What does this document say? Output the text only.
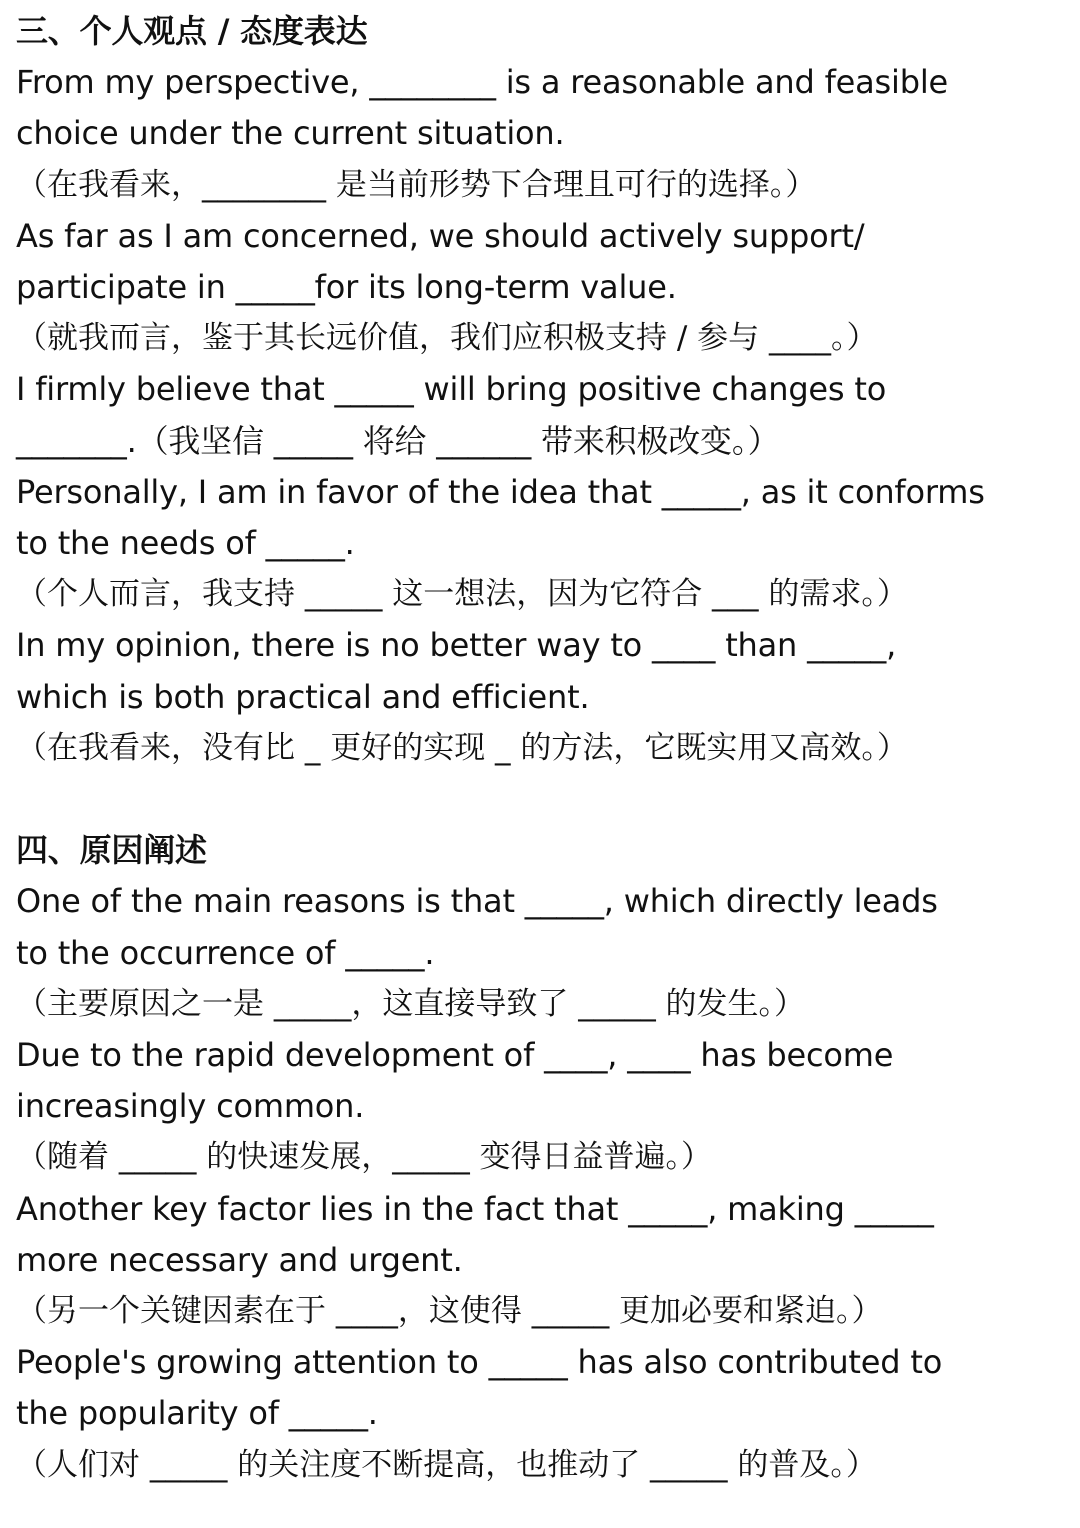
三、个人观点 / 态度表达
From my perspective, ________ is a reasonable and feasible
choice under the current situation.
（在我看来，________ 是当前形势下合理且可行的选择。）
As far as I am concerned, we should actively support/
participate in _____for its long-term value.
（就我而言，鉴于其长远价值，我们应积极支持 / 参与 ____。）
I firmly believe that _____ will bring positive changes to
_______.（我坚信 _____ 将给 ______ 带来积极改变。）
Personally, I am in favor of the idea that _____, as it conforms
to the needs of _____.
（个人而言，我支持 _____ 这一想法，因为它符合 ___ 的需求。）
In my opinion, there is no better way to ____ than _____,
which is both practical and efficient.
（在我看来，没有比 _ 更好的实现 _ 的方法，它既实用又高效。）
四、原因阐述
One of the main reasons is that _____, which directly leads
to the occurrence of _____.
（主要原因之一是 _____，这直接导致了 _____ 的发生。）
Due to the rapid development of ____, ____ has become
increasingly common.
（随着 _____ 的快速发展，_____ 变得日益普遍。）
Another key factor lies in the fact that _____, making _____
more necessary and urgent.
（另一个关键因素在于 ____，这使得 _____ 更加必要和紧迫。）
People's growing attention to _____ has also contributed to
the popularity of _____.
（人们对 _____ 的关注度不断提高，也推动了 _____ 的普及。）
